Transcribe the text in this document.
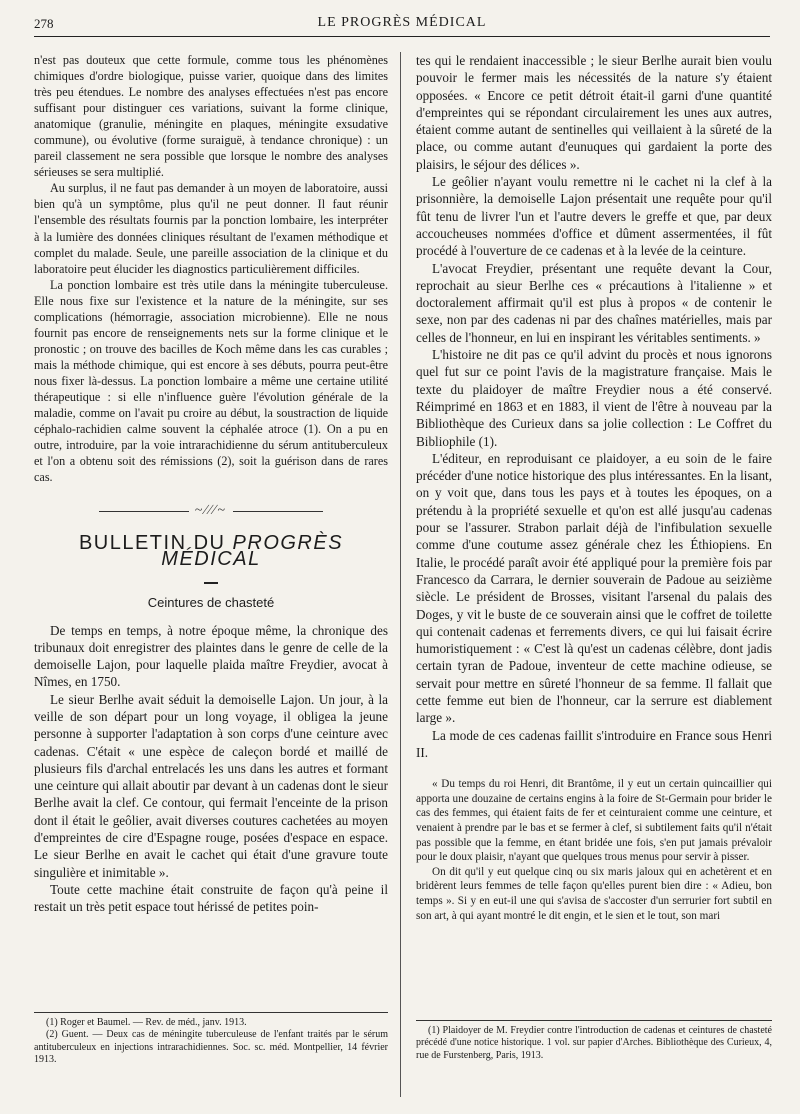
278	LE PROGRÈS MÉDICAL

n'est pas douteux que cette formule, comme tous les phénomènes chimiques d'ordre biologique, puisse varier, quoique dans des limites très peu étendues. Le nombre des analyses effectuées n'est pas encore suffisant pour distinguer ces variations, suivant la forme clinique, anatomique (granulie, méningite en plaques, méningite exsudative commune), ou évolutive (forme suraiguë, à tendance chronique) : un pareil classement ne sera possible que lorsque le nombre des analyses sérieuses se sera multiplié.

Au surplus, il ne faut pas demander à un moyen de laboratoire, aussi bien qu'à un symptôme, plus qu'il ne peut donner. Il faut réunir l'ensemble des résultats fournis par la ponction lombaire, les interpréter à la lumière des données cliniques résultant de l'examen méthodique et complet du malade. Seule, une pareille association de la clinique et du laboratoire peut élucider les diagnostics particulièrement difficiles.

La ponction lombaire est très utile dans la méningite tuberculeuse. Elle nous fixe sur l'existence et la nature de la méningite, sur ses complications (hémorragie, association microbienne). Elle ne nous fournit pas encore de renseignements nets sur la forme clinique et le pronostic ; on trouve des bacilles de Koch même dans les cas curables ; mais la méthode chimique, qui est encore à ses débuts, pourra peut-être nous fixer là-dessus. La ponction lombaire a même une certaine utilité thérapeutique : si elle n'influence guère l'évolution générale de la maladie, comme on l'avait pu croire au début, la soustraction de liquide céphalo-rachidien calme souvent la céphalée atroce (1). On a pu en outre, introduire, par la voie intrarachidienne du sérum antituberculeux et l'on a obtenu soit des rémissions (2), soit la guérison dans de rares cas.

~∕∕∕~
BULLETIN DU PROGRÈS MÉDICAL
Ceintures de chasteté

De temps en temps, à notre époque même, la chronique des tribunaux doit enregistrer des plaintes dans le genre de celle de la demoiselle Lajon, pour laquelle plaida maître Freydier, avocat à Nîmes, en 1750.

Le sieur Berlhe avait séduit la demoiselle Lajon. Un jour, à la veille de son départ pour un long voyage, il obligea la jeune personne à supporter l'adaptation à son corps d'une ceinture avec cadenas. C'était « une espèce de caleçon bordé et maillé de plusieurs fils d'archal entrelacés les uns dans les autres et formant une ceinture qui allait aboutir par devant à un cadenas dont le sieur Berlhe avait la clef. Ce contour, qui fermait l'enceinte de la prison dont il était le geôlier, avait diverses coutures cachetées au moyen d'empreintes de cire d'Espagne rouge, posées d'espace en espace. Le sieur Berlhe en avait le cachet qui était d'une gravure toute singulière et inimitable ».

Toute cette machine était construite de façon qu'à peine il restait un très petit espace tout hérissé de petites poin-

(1) Roger et Baumel. — Rev. de méd., janv. 1913.

(2) Guent. — Deux cas de méningite tuberculeuse de l'enfant traités par le sérum antituberculeux en injections intrarachidiennes. Soc. sc. méd. Montpellier, 14 février 1913.

tes qui le rendaient inaccessible ; le sieur Berlhe aurait bien voulu pouvoir le fermer mais les nécessités de la nature s'y étaient opposées. « Encore ce petit détroit était-il garni d'une quantité d'empreintes qui se répondant circulairement les unes aux autres, étaient comme autant de sentinelles qui veillaient à la sûreté de la place, ou comme autant d'eunuques qui gardaient la porte des plaisirs, le séjour des délices ».

Le geôlier n'ayant voulu remettre ni le cachet ni la clef à la prisonnière, la demoiselle Lajon présentait une requête pour qu'il fût tenu de livrer l'un et l'autre devers le greffe et que, par deux accoucheuses nommées d'office et dûment assermentées, il fût procédé à l'ouverture de ce cadenas et à la levée de la ceinture.

L'avocat Freydier, présentant une requête devant la Cour, reprochait au sieur Berlhe ces « précautions à l'italienne » et doctoralement affirmait qu'il est plus à propos « de contenir le sexe, non par des cadenas ni par des chaînes matérielles, mais par celles de l'honneur, en lui en inspirant les véritables sentiments. »

L'histoire ne dit pas ce qu'il advint du procès et nous ignorons quel fut sur ce point l'avis de la magistrature française. Mais le texte du plaidoyer de maître Freydier nous a été conservé. Réimprimé en 1863 et en 1883, il vient de l'être à nouveau par la Bibliothèque des Curieux dans sa jolie collection : Le Coffret du Bibliophile (1).

L'éditeur, en reproduisant ce plaidoyer, a eu soin de le faire précéder d'une notice historique des plus intéressantes. En la lisant, on y voit que, dans tous les pays et à toutes les époques, on a prétendu à la propriété sexuelle et qu'on est allé jusqu'au cadenas pour se l'assurer. Strabon parlait déjà de l'infibulation sexuelle comme d'une coutume assez générale chez les Éthiopiens. En Italie, le procédé paraît avoir été appliqué pour la première fois par Francesco da Carrara, le dernier souverain de Padoue au seizième siècle. Le président de Brosses, visitant l'arsenal du palais des Doges, y vit le buste de ce souverain ainsi que le coffret de toilette qui contenait cadenas et ferrements divers, ce qui lui faisait écrire humoristiquement : « C'est là qu'est un cadenas célèbre, dont jadis certain tyran de Padoue, inventeur de cette machine odieuse, se servait pour mettre en sûreté l'honneur de sa femme. Il fallait que cette femme eut bien de l'honneur, car la serrure est diablement large ».

La mode de ces cadenas faillit s'introduire en France sous Henri II.

« Du temps du roi Henri, dit Brantôme, il y eut un certain quincaillier qui apporta une douzaine de certains engins à la foire de St-Germain pour brider le cas des femmes, qui étaient faits de fer et ceinturaient comme une ceinture, et venaient à prendre par le bas et se fermer à clef, si subtilement faits qu'il n'était pas possible que la femme, en étant bridée une fois, s'en put jamais prévaloir pour le doux plaisir, n'ayant que quelques trous menus pour servir à pisser.

On dit qu'il y eut quelque cinq ou six maris jaloux qui en achetèrent et en bridèrent leurs femmes de telle façon qu'elles purent bien dire : « Adieu, bon temps ». Si y en eut-il une qui s'avisa de s'accoster d'un serrurier fort subtil en son art, à qui ayant montré le dit engin, et le sien et le tout, son mari

(1) Plaidoyer de M. Freydier contre l'introduction de cadenas et ceintures de chasteté précédé d'une notice historique. 1 vol. sur papier d'Arches. Bibliothèque des Curieux, 4, rue de Furstenberg, Paris, 1913.
